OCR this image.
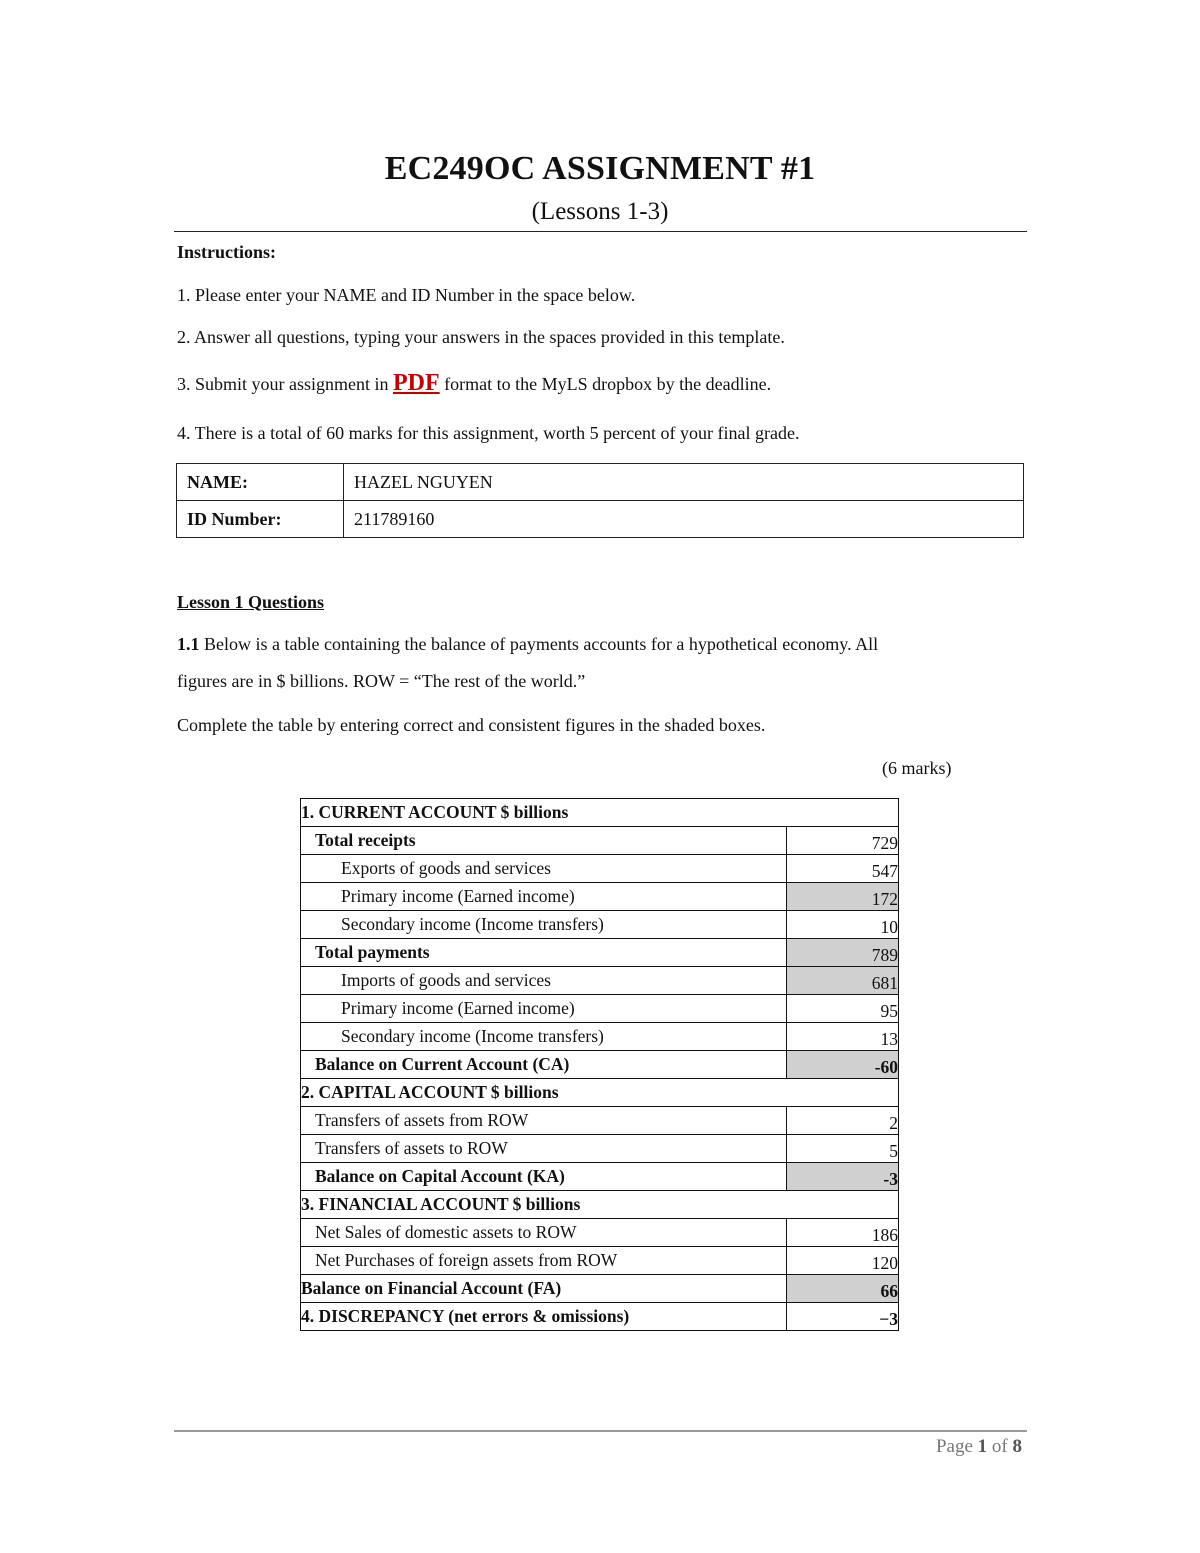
EC249OC ASSIGNMENT #1
(Lessons 1-3)
Instructions:
1. Please enter your NAME and ID Number in the space below.
2. Answer all questions, typing your answers in the spaces provided in this template.
3. Submit your assignment in PDF format to the MyLS dropbox by the deadline.
4. There is a total of 60 marks for this assignment, worth 5 percent of your final grade.
NAME:	HAZEL NGUYEN
ID Number:	211789160
Lesson 1 Questions
1.1 Below is a table containing the balance of payments accounts for a hypothetical economy. All
figures are in $ billions. ROW = “The rest of the world.”
Complete the table by entering correct and consistent figures in the shaded boxes.
(6 marks)
1. CURRENT ACCOUNT $ billions	
Total receipts	729
Exports of goods and services	547
Primary income (Earned income)	172
Secondary income (Income transfers)	10
Total payments	789
Imports of goods and services	681
Primary income (Earned income)	95
Secondary income (Income transfers)	13
Balance on Current Account (CA)	-60
2. CAPITAL ACCOUNT $ billions	
Transfers of assets from ROW	2
Transfers of assets to ROW	5
Balance on Capital Account (KA)	-3
3. FINANCIAL ACCOUNT $ billions	
Net Sales of domestic assets to ROW	186
Net Purchases of foreign assets from ROW	120
Balance on Financial Account (FA)	66
4. DISCREPANCY (net errors & omissions)	−3
Page 1 of 8
